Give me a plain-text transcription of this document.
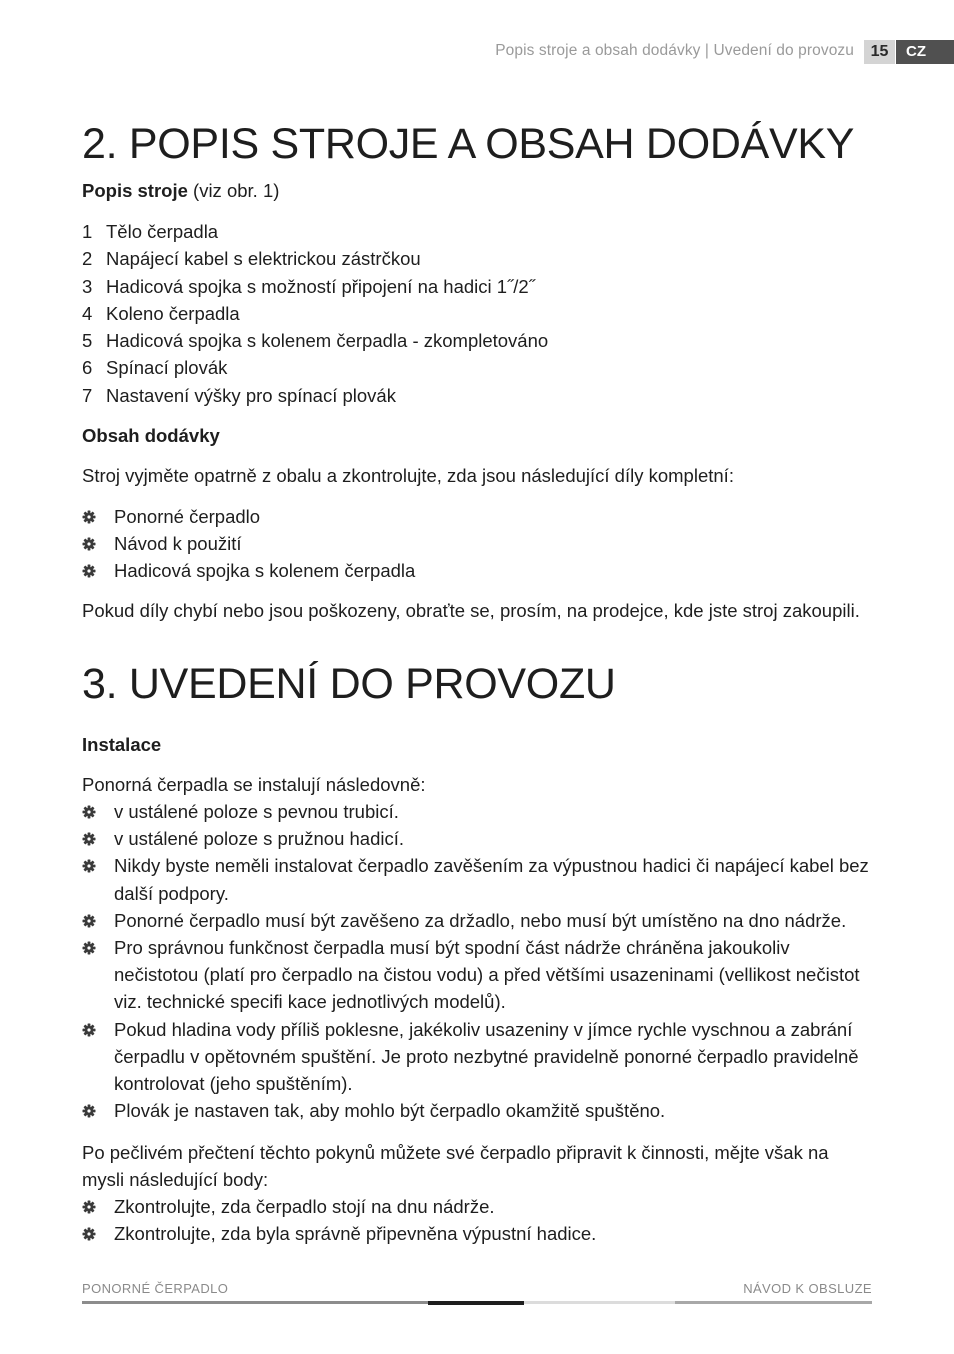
Popis stroje a obsah dodávky | Uvedení do provozu	15	CZ
2. POPIS STROJE A OBSAH DODÁVKY

Popis stroje (viz obr. 1)

1 Tělo čerpadla
2 Napájecí kabel s elektrickou zástrčkou
3 Hadicová spojka s možností připojení na hadici 1˝/2˝
4 Koleno čerpadla
5 Hadicová spojka s kolenem čerpadla - zkompletováno
6 Spínací plovák
7 Nastavení výšky pro spínací plovák

Obsah dodávky

Stroj vyjměte opatrně z obalu a zkontrolujte, zda jsou následující díly kompletní:

Ponorné čerpadlo
Návod k použití
Hadicová spojka s kolenem čerpadla

Pokud díly chybí nebo jsou poškozeny, obraťte se, prosím, na prodejce, kde jste stroj zakoupili.

3. UVEDENÍ DO PROVOZU

Instalace

Ponorná čerpadla se instalují následovně:

v ustálené poloze s pevnou trubicí.
v ustálené poloze s pružnou hadicí.
Nikdy byste neměli instalovat čerpadlo zavěšením za výpustnou hadici či napájecí kabel bez další podpory.
Ponorné čerpadlo musí být zavěšeno za držadlo, nebo musí být umístěno na dno nádrže.
Pro správnou funkčnost čerpadla musí být spodní část nádrže chráněna jakoukoliv nečistotou (platí pro čerpadlo na čistou vodu) a před většími usazeninami (vellikost nečistot viz. technické specifi kace jednotlivých modelů).
Pokud hladina vody příliš poklesne, jakékoliv usazeniny v jímce rychle vyschnou a zabrání čerpadlu v opětovném spuštění. Je proto nezbytné pravidelně ponorné čerpadlo pravidelně kontrolovat (jeho spuštěním).
Plovák je nastaven tak, aby mohlo být čerpadlo okamžitě spuštěno.

Po pečlivém přečtení těchto pokynů můžete své čerpadlo připravit k činnosti, mějte však na mysli následující body:

Zkontrolujte, zda čerpadlo stojí na dnu nádrže.
Zkontrolujte, zda byla správně připevněna výpustní hadice.
PONORNÉ ČERPADLO	NÁVOD K OBSLUZE
